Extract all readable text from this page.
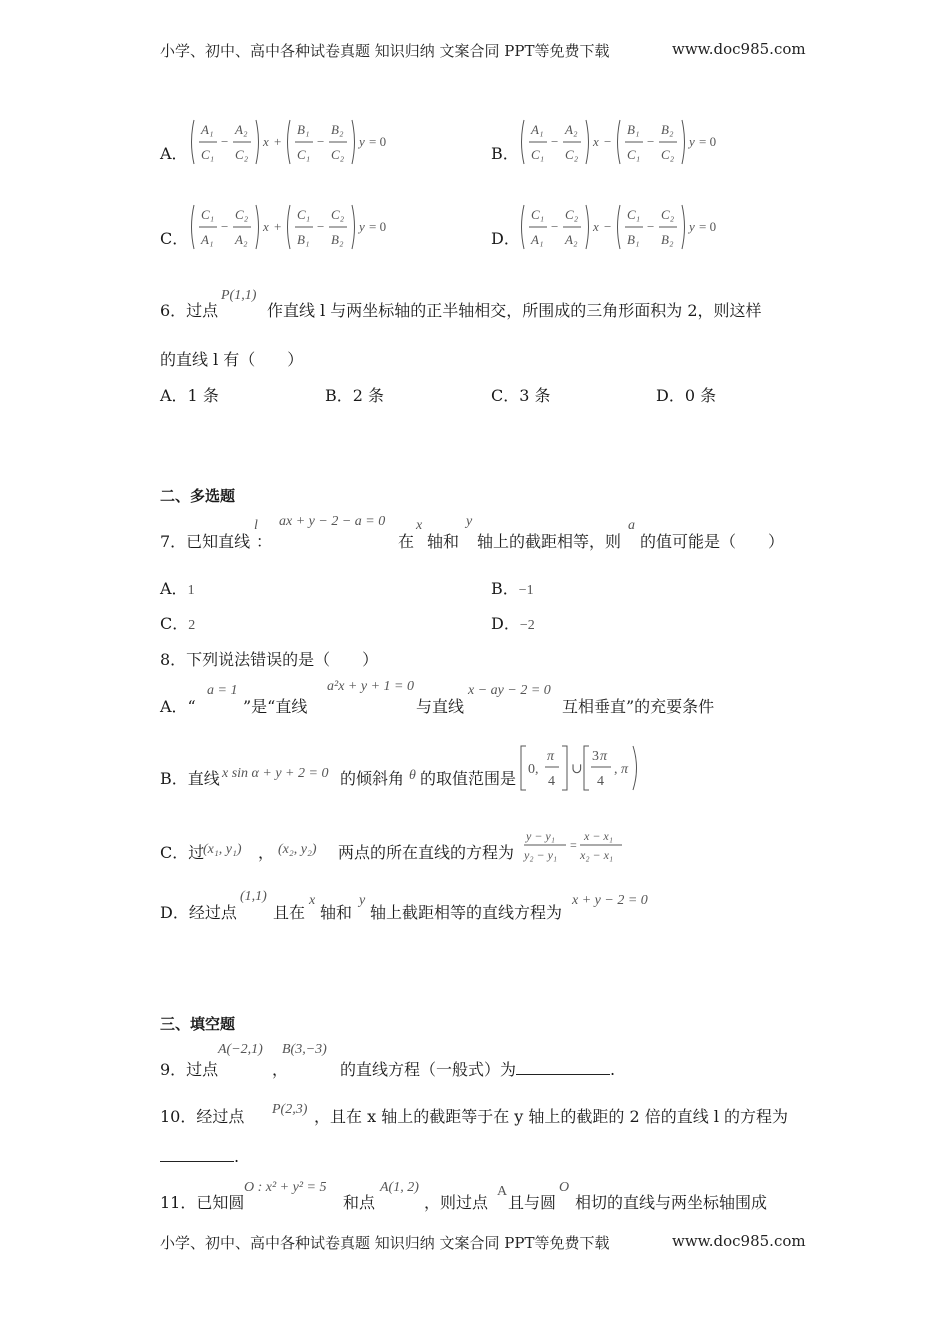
小学、初中、高中各种试卷真题 知识归纳 文案合同 PPT等免费下载	www.doc985.com
A．
A₁
C₁
−
A₂
C₂
x +
B₁
C₁
−
B₂
C₂
y = 0
B．
A₁
C₁
−
A₂
C₂
x −
B₁
C₁
−
B₂
C₂
y = 0
C．
C₁
A₁
−
C₂
A₂
x +
C₁
B₁
−
C₂
B₂
y = 0
D．
C₁
A₁
−
C₂
A₂
x −
C₁
B₁
−
C₂
B₂
y = 0
6．过点
P(1,1)
作直线 l 与两坐标轴的正半轴相交，所围成的三角形面积为 2，则这样
的直线 l 有（　　）
A．1 条	B．2 条	C．3 条	D．0 条
二、多选题
7．已知直线
l
：
ax + y − 2 − a = 0
在
x
轴和
y
轴上的截距相等，则
a
的值可能是（　　）
A．1	B．−1
C．2	D．−2
8．下列说法错误的是（　　）
A．“
a = 1
”是“直线
a²x + y + 1 = 0
与直线
x − ay − 2 = 0
互相垂直”的充要条件
B．直线 x sin α + y + 2 = 0 的倾斜角 θ 的取值范围是 0,
π
4
∪
3 π
4
, π
C．过
(x₁, y₁) ， (x₂, y₂) 两点的所在直线的方程为
y − y₁
y₂ − y₁
=
x − x₁
x₂ − x₁
D．经过点
(1,1)
且在
x
轴和
y
轴上截距相等的直线方程为
x + y − 2 = 0
三、填空题
9．过点
A(−2,1)
，
B(3,−3)
的直线方程（一般式）为	.
10．经过点 P(2,3) ，且在 x 轴上的截距等于在 y 轴上的截距的 2 倍的直线 l 的方程为
.
11．已知圆
O : x² + y² = 5
和点
A(1, 2)
，则过点
A
且与圆
O
相切的直线与两坐标轴围成
小学、初中、高中各种试卷真题 知识归纳 文案合同 PPT等免费下载	www.doc985.com
